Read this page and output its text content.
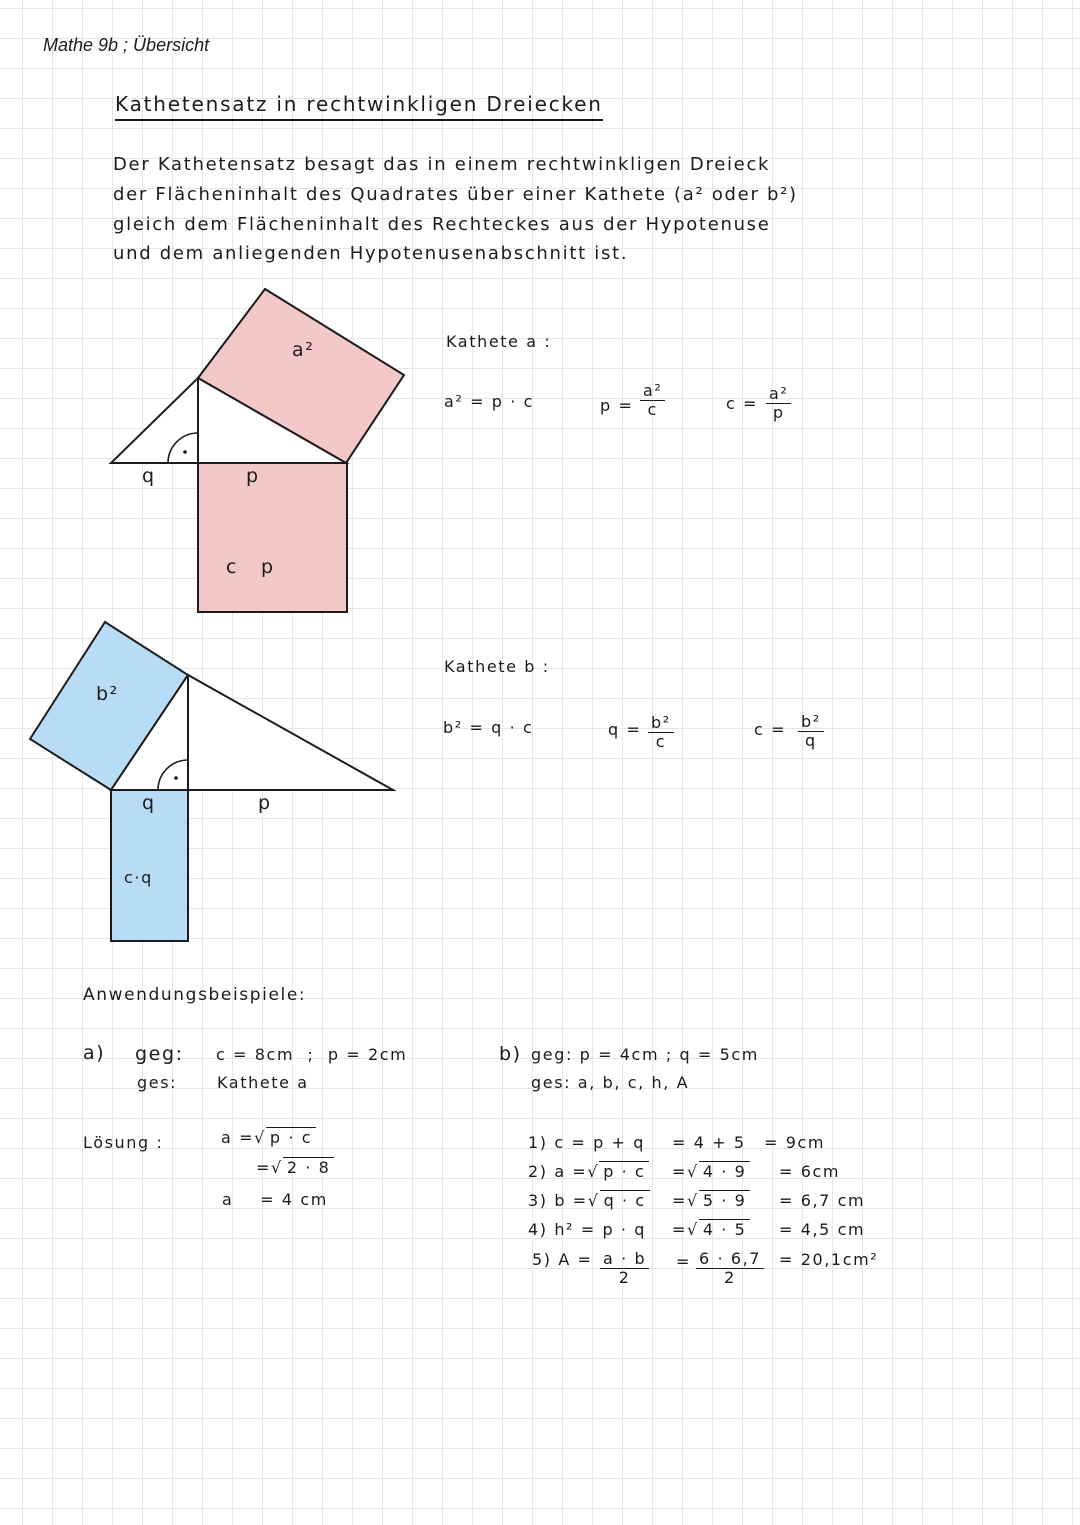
Mathe 9b ; Übersicht
Kathetensatz in rechtwinkligen Dreiecken
Der Kathetensatz besagt das in einem rechtwinkligen Dreieck
der Flächeninhalt des Quadrates über einer Kathete (a² oder b²)
gleich dem Flächeninhalt des Rechteckes aus der Hypotenuse
und dem anliegenden Hypotenusenabschnitt ist.
a²
q	p
c   p
b²
q	p
c·q
Kathete a :
a² = p · c	$p = \frac{\text{a²}}{c}$	$c = \frac{\text{a²}}{p}$
Kathete b :
b² = q · c	$q = \frac{\text{b²}}{c}$	$c = \frac{\text{b²}}{q}$
Anwendungsbeispiele:
a) geg: c = 8cm  ;  p = 2cm
ges: Kathete a
Lösung :	a =√ p · c
=√ 2 · 8
a = 4 cm
b) geg: p = 4cm ; q = 5cm
ges: a, b, c, h, A
1) c = p + q = 4 + 5 = 9cm
2) a =√ p · c =√ 4 · 9 = 6cm
3) b =√ q · c =√ 5 · 9 = 6,7 cm
4) h² = p · q =√ 4 · 5 = 4,5 cm
5) $A = \frac{a \cdot b}{2} = \frac{6 \cdot 6,7}{2} = 20,1cm^2$
